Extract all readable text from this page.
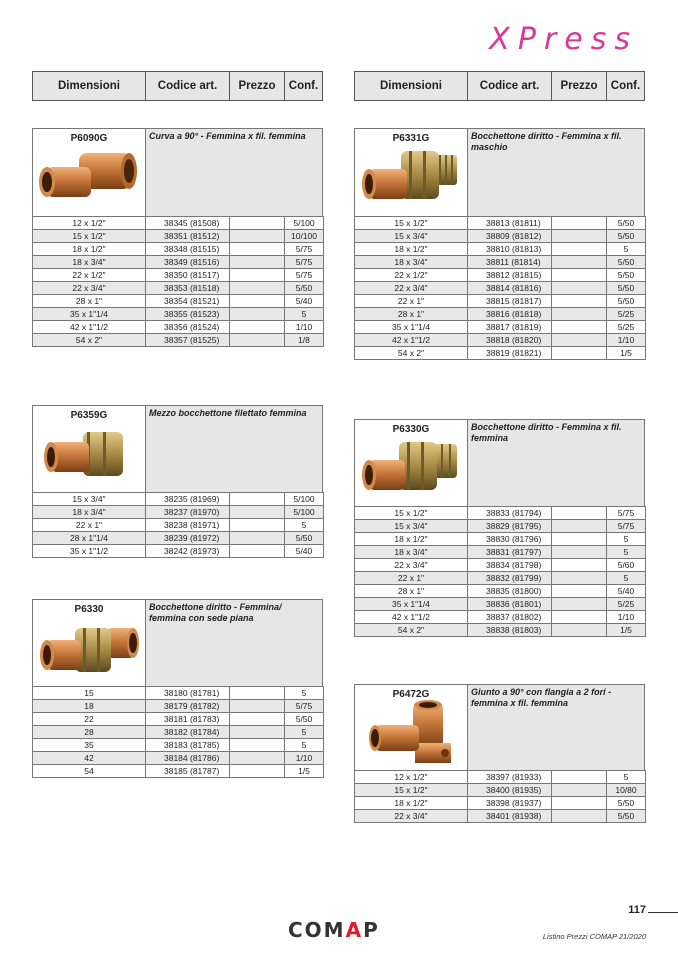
XPress
Dimensioni	Codice art.	Prezzo	Conf.	Dimensioni	Codice art.	Prezzo	Conf.
P6090G	Curva a 90° - Femmina x fil. femmina
12 x 1/2"	38345 (81508)		5/100
15 x 1/2"	38351 (81512)		10/100
18 x 1/2"	38348 (81515)		5/75
18 x 3/4"	38349 (81516)		5/75
22 x 1/2"	38350 (81517)		5/75
22 x 3/4"	38353 (81518)		5/50
28 x 1"	38354 (81521)		5/40
35 x 1"1/4	38355 (81523)		5
42 x 1"1/2	38356 (81524)		1/10
54 x 2"	38357 (81525)		1/8
P6359G	Mezzo bocchettone filettato femmina
15 x 3/4"	38235 (81969)		5/100
18 x 3/4"	38237 (81970)		5/100
22 x 1"	38238 (81971)		5
28 x 1"1/4	38239 (81972)		5/50
35 x 1"1/2	38242 (81973)		5/40
P6330	Bocchettone diritto - Femmina/ femmina con sede piana
15	38180 (81781)		5
18	38179 (81782)		5/75
22	38181 (81783)		5/50
28	38182 (81784)		5
35	38183 (81785)		5
42	38184 (81786)		1/10
54	38185 (81787)		1/5
P6331G	Bocchettone diritto - Femmina x fil. maschio
15 x 1/2"	38813 (81811)		5/50
15 x 3/4"	38809 (81812)		5/50
18 x 1/2"	38810 (81813)		5
18 x 3/4"	38811 (81814)		5/50
22 x 1/2"	38812 (81815)		5/50
22 x 3/4"	38814 (81816)		5/50
22 x 1"	38815 (81817)		5/50
28 x 1"	38816 (81818)		5/25
35 x 1"1/4	38817 (81819)		5/25
42 x 1"1/2	38818 (81820)		1/10
54 x 2"	38819 (81821)		1/5
P6330G	Bocchettone diritto - Femmina x fil. femmina
15 x 1/2"	38833 (81794)		5/75
15 x 3/4"	38829 (81795)		5/75
18 x 1/2"	38830 (81796)		5
18 x 3/4"	38831 (81797)		5
22 x 3/4"	38834 (81798)		5/60
22 x 1"	38832 (81799)		5
28 x 1"	38835 (81800)		5/40
35 x 1"1/4	38836 (81801)		5/25
42 x 1"1/2	38837 (81802)		1/10
54 x 2"	38838 (81803)		1/5
P6472G	Giunto a 90° con flangia a 2 fori - femmina x fil. femmina
12 x 1/2"	38397 (81933)		5
15 x 1/2"	38400 (81935)		10/80
18 x 1/2"	38398 (81937)		5/50
22 x 3/4"	38401 (81938)		5/50
117
COMAP	Listino Prezzi COMAP 21/2020
